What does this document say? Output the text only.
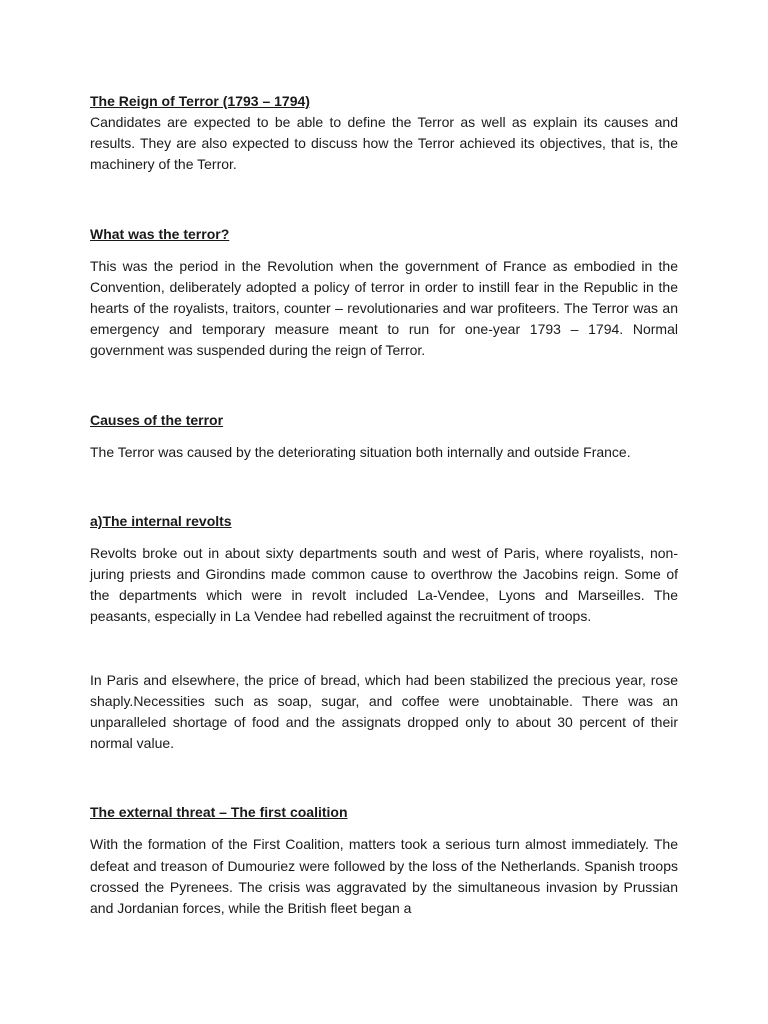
The Reign of Terror (1793 – 1794)

Candidates are expected to be able to define the Terror as well as explain its causes and results. They are also expected to discuss how the Terror achieved its objectives, that is, the machinery of the Terror.

What was the terror?

This was the period in the Revolution when the government of France as embodied in the Convention, deliberately adopted a policy of terror in order to instill fear in the Republic in the hearts of the royalists, traitors, counter – revolutionaries and war profiteers. The Terror was an emergency and temporary measure meant to run for one-year 1793 – 1794. Normal government was suspended during the reign of Terror.

Causes of the terror

The Terror was caused by the deteriorating situation both internally and outside France.

a)The internal revolts

Revolts broke out in about sixty departments south and west of Paris, where royalists, non-juring priests and Girondins made common cause to overthrow the Jacobins reign. Some of the departments which were in revolt included La-Vendee, Lyons and Marseilles. The peasants, especially in La Vendee had rebelled against the recruitment of troops.

In Paris and elsewhere, the price of bread, which had been stabilized the precious year, rose shaply.Necessities such as soap, sugar, and coffee were unobtainable. There was an unparalleled shortage of food and the assignats dropped only to about 30 percent of their normal value.

The external threat – The first coalition

With the formation of the First Coalition, matters took a serious turn almost immediately. The defeat and treason of Dumouriez were followed by the loss of the Netherlands. Spanish troops crossed the Pyrenees. The crisis was aggravated by the simultaneous invasion by Prussian and Jordanian forces, while the British fleet began a
